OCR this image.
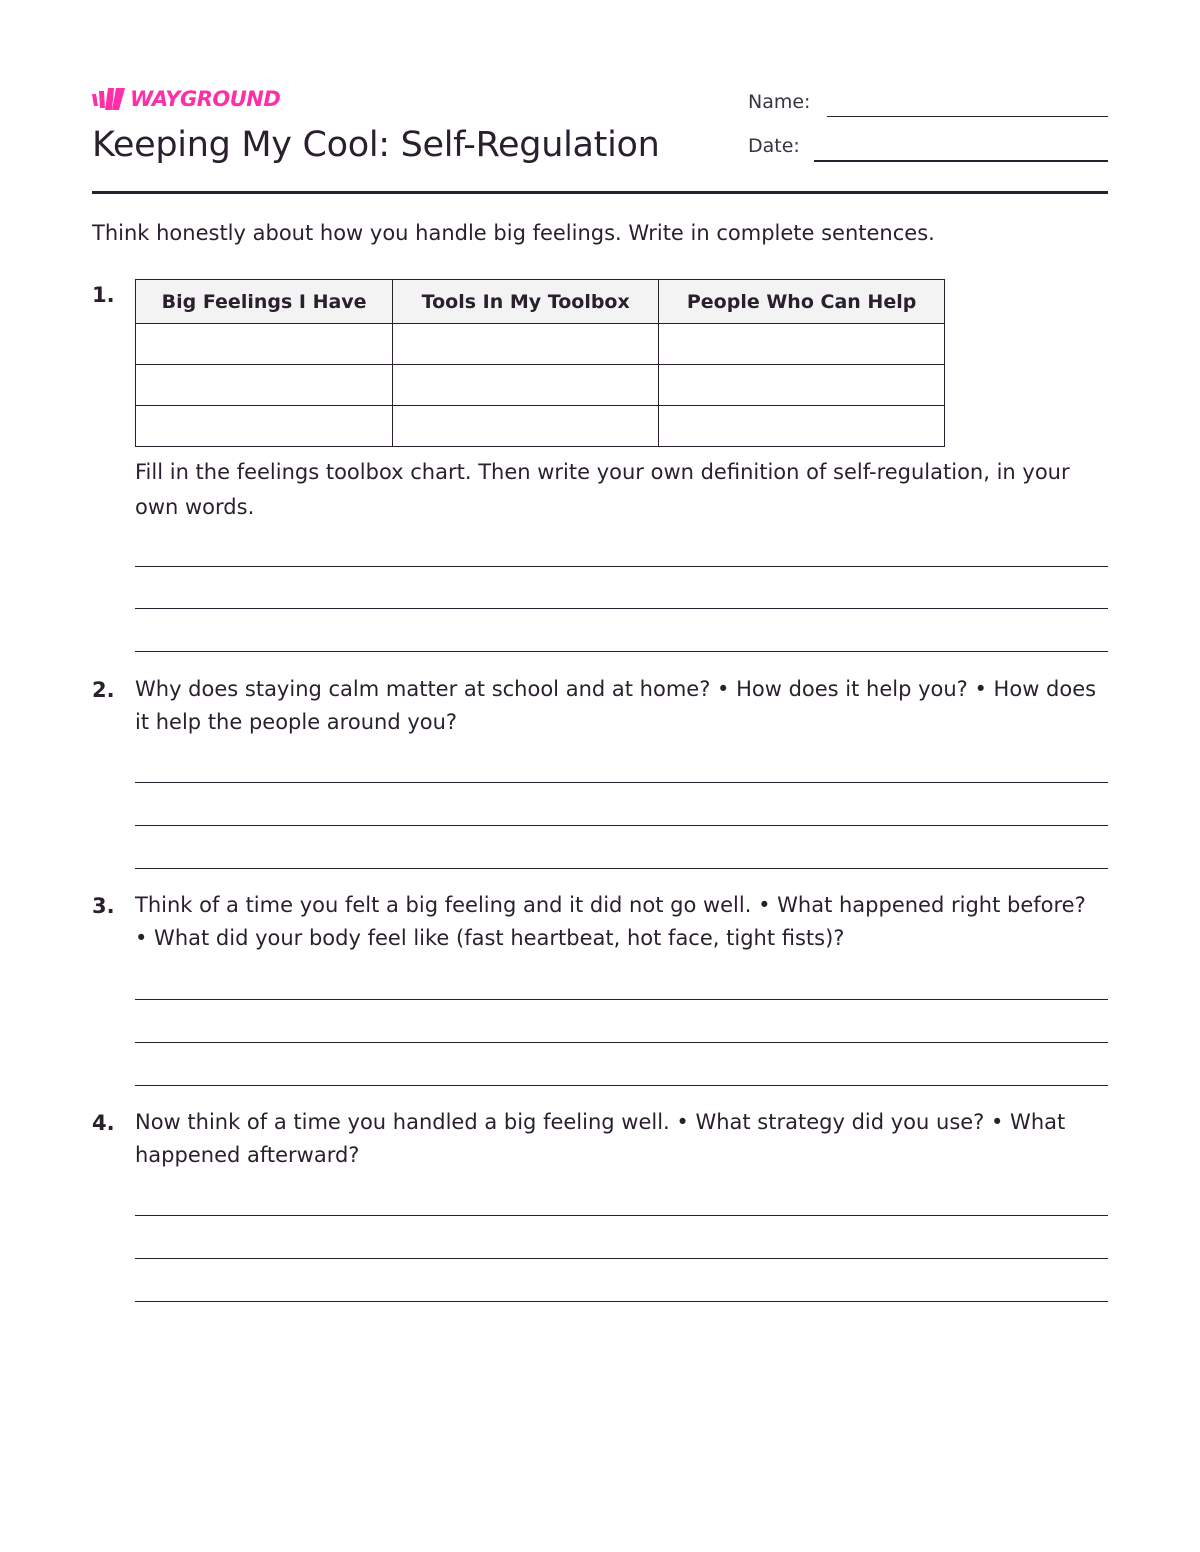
WAYGROUND
Keeping My Cool: Self-Regulation
Name:
Date:
Think honestly about how you handle big feelings. Write in complete sentences.
1. Big Feelings I Have	Tools In My Toolbox	People Who Can Help

Fill in the feelings toolbox chart. Then write your own definition of self-regulation, in your own words.
2. Why does staying calm matter at school and at home? • How does it help you? • How does it help the people around you?
3. Think of a time you felt a big feeling and it did not go well. • What happened right before? • What did your body feel like (fast heartbeat, hot face, tight fists)?
4. Now think of a time you handled a big feeling well. • What strategy did you use? • What happened afterward?
